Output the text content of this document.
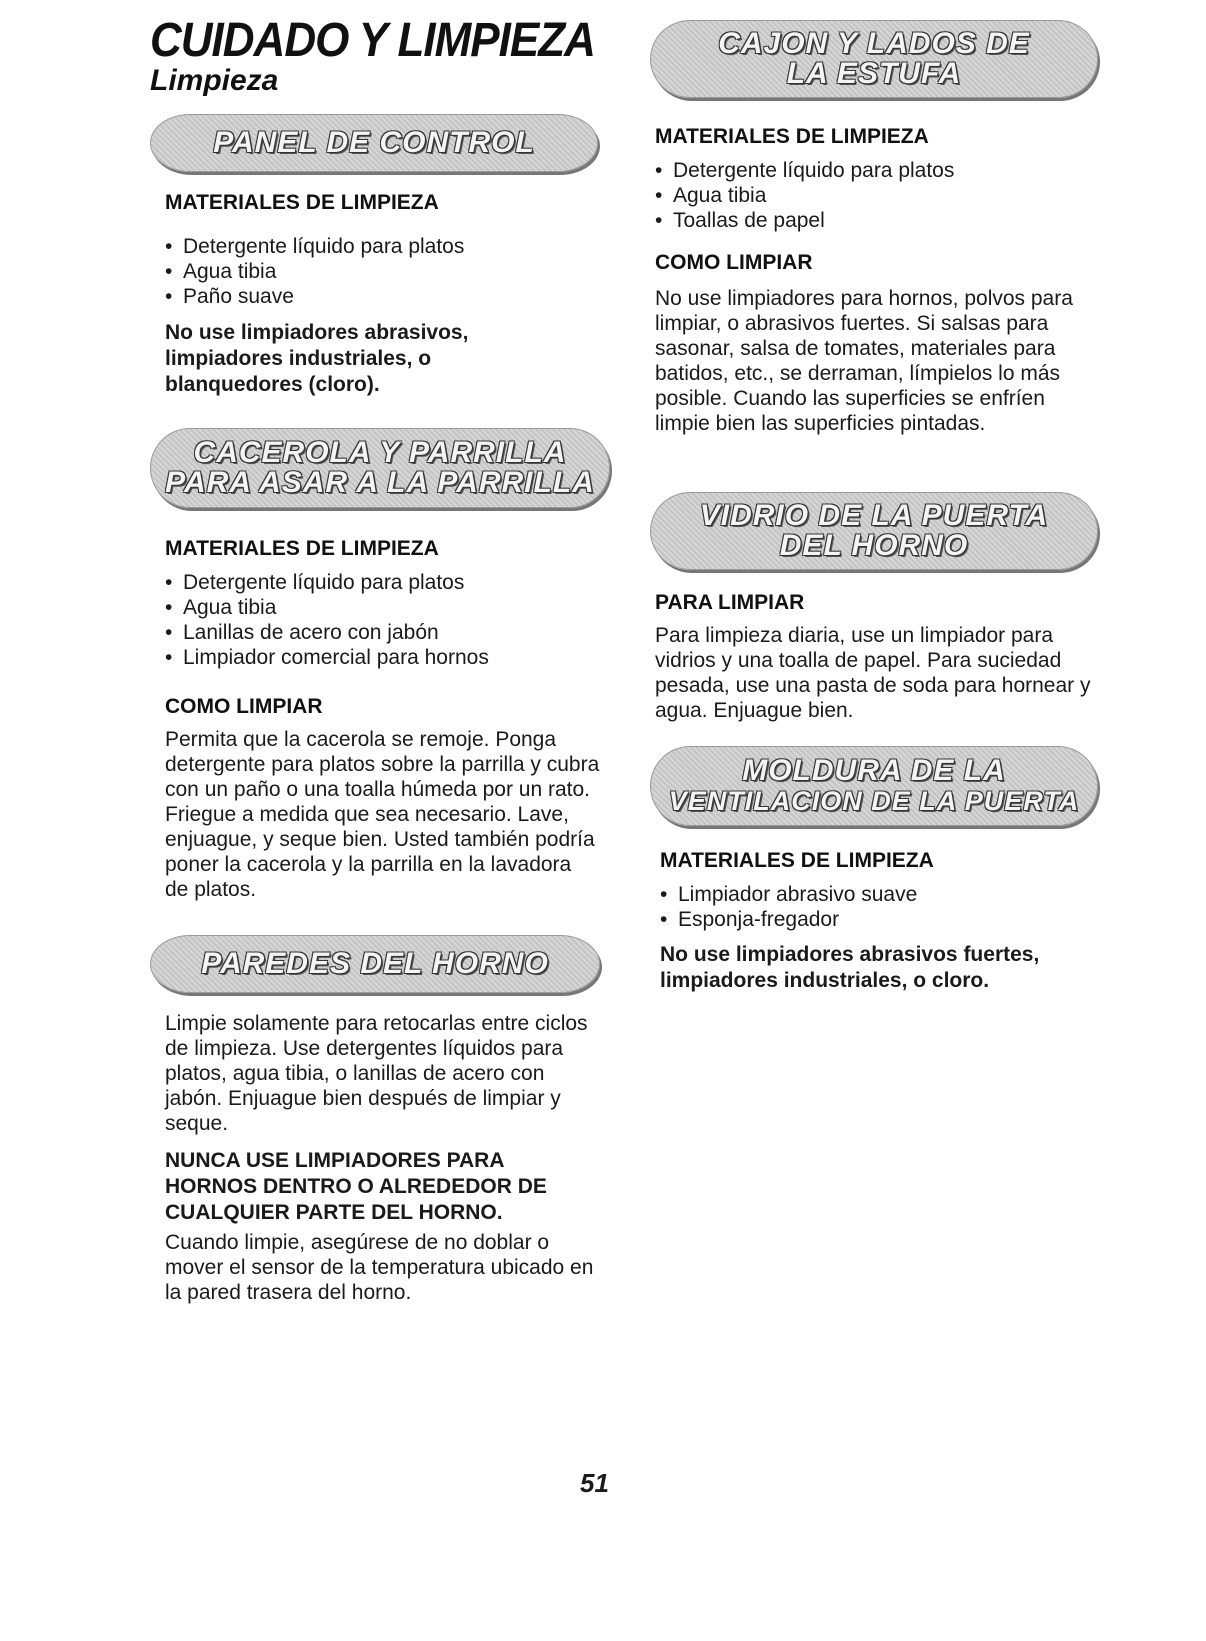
CUIDADO Y LIMPIEZA
Limpieza
PANEL DE CONTROL
MATERIALES DE LIMPIEZA
• Detergente líquido para platos
• Agua tibia
• Paño suave

No use limpiadores abrasivos, limpiadores industriales, o blanquedores (cloro).

CACEROLA Y PARRILLA
PARA ASAR A LA PARRILLA
MATERIALES DE LIMPIEZA
• Detergente líquido para platos
• Agua tibia
• Lanillas de acero con jabón
• Limpiador comercial para hornos
COMO LIMPIAR

Permita que la cacerola se remoje. Ponga detergente para platos sobre la parrilla y cubra con un paño o una toalla húmeda por un rato. Friegue a medida que sea necesario. Lave, enjuague, y seque bien. Usted también podría poner la cacerola y la parrilla en la lavadora de platos.

PAREDES DEL HORNO

Limpie solamente para retocarlas entre ciclos de limpieza. Use detergentes líquidos para platos, agua tibia, o lanillas de acero con jabón. Enjuague bien después de limpiar y seque.

NUNCA USE LIMPIADORES PARA HORNOS DENTRO O ALREDEDOR DE CUALQUIER PARTE DEL HORNO.

Cuando limpie, asegúrese de no doblar o mover el sensor de la temperatura ubicado en la pared trasera del horno.

CAJON Y LADOS DE
LA ESTUFA
MATERIALES DE LIMPIEZA
• Detergente líquido para platos
• Agua tibia
• Toallas de papel
COMO LIMPIAR

No use limpiadores para hornos, polvos para limpiar, o abrasivos fuertes. Si salsas para sasonar, salsa de tomates, materiales para batidos, etc., se derraman, límpielos lo más posible. Cuando las superficies se enfríen limpie bien las superficies pintadas.

VIDRIO DE LA PUERTA
DEL HORNO
PARA LIMPIAR

Para limpieza diaria, use un limpiador para vidrios y una toalla de papel. Para suciedad pesada, use una pasta de soda para hornear y agua. Enjuague bien.

MOLDURA DE LA
VENTILACION DE LA PUERTA
MATERIALES DE LIMPIEZA
• Limpiador abrasivo suave
• Esponja-fregador

No use limpiadores abrasivos fuertes, limpiadores industriales, o cloro.

51
